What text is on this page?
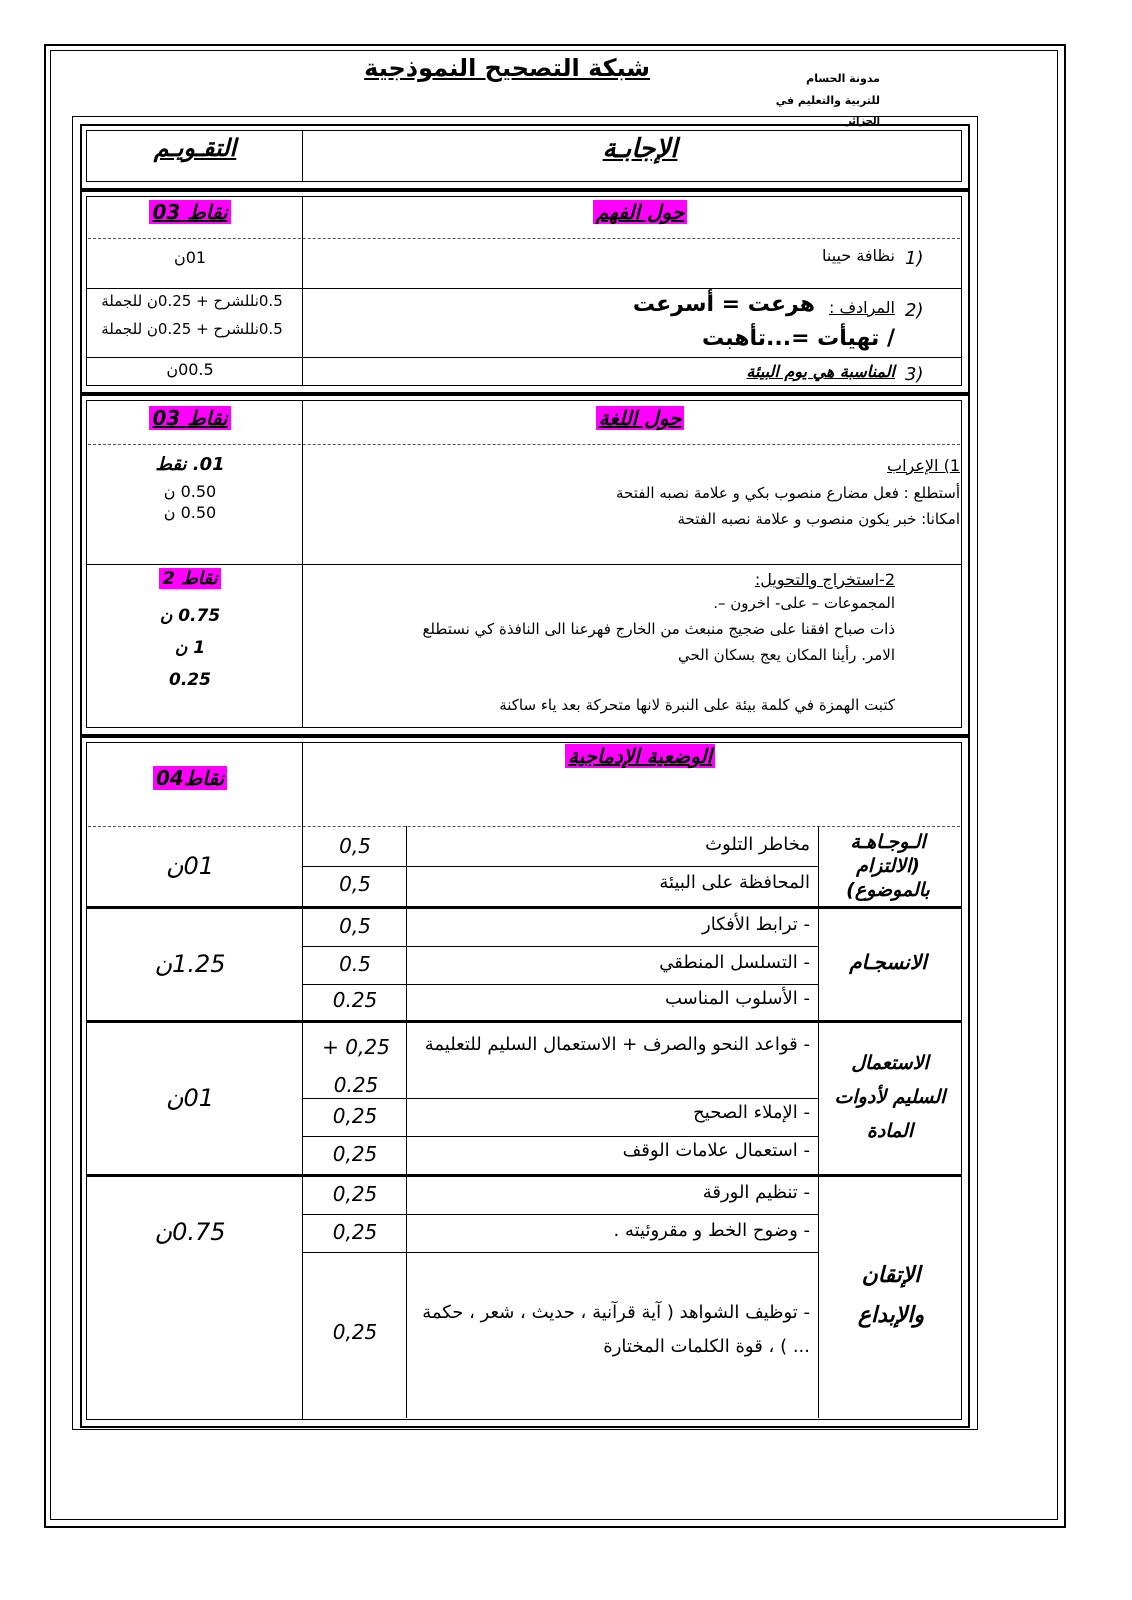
شبكة التصحيح النموذجية	مدونة الحسام
للتربية والتعليم في
الجزائر
الإجابـة
التقـويـم
حول الفهم
03 نقاط
1)
نظافة حيينا
01ن
2)
المرادف :
هرعت = أسرعت
/ تهيأت =...تأهبت
0.5نللشرح + 0.25ن للجملة
0.5نللشرح + 0.25ن للجملة
3)
المناسبة هي يوم البيئة
00.5ن
حول اللغة
03 نقاط
1) الإعراب
أستطلع : فعل مضارع منصوب بكي و علامة نصبه الفتحة
امكانا: خبر يكون منصوب و علامة نصبه الفتحة
01. نقط
0.50 ن
0.50 ن
2-استخراج والتحويل:
المجموعات – على- اخرون –.
ذات صباح افقنا على ضجيج منبعث من الخارج فهرعنا الى النافذة كي نستطلع
الامر. رأينا المكان يعج بسكان الحي
كتبت الهمزة في كلمة بيئة على النبرة لانها متحركة بعد ياء ساكنة
2 نقاط
0.75 ن
1 ن
0.25
الوضعية الإدماجية
04نقاط
الـوجـاهـة (الالتزام بالموضوع)
01ن
مخاطر التلوث
0,5
المحافظة على البيئة
0,5
الانسجـام
1.25ن
- ترابط الأفكار
0,5
- التسلسل المنطقي
0.5
- الأسلوب المناسب
0.25
الاستعمال السليم لأدوات المادة
01ن
- قواعد النحو والصرف + الاستعمال السليم للتعليمة
0,25 + 0.25
- الإملاء الصحيح
0,25
- استعمال علامات الوقف
0,25
الإتقان والإبداع
0.75ن
- تنظيم الورقة
0,25
- وضوح الخط و مقروئيته .
0,25
- توظيف الشواهد ( آية قرآنية ، حديث ، شعر ، حكمة ... ) ، قوة الكلمات المختارة
0,25
